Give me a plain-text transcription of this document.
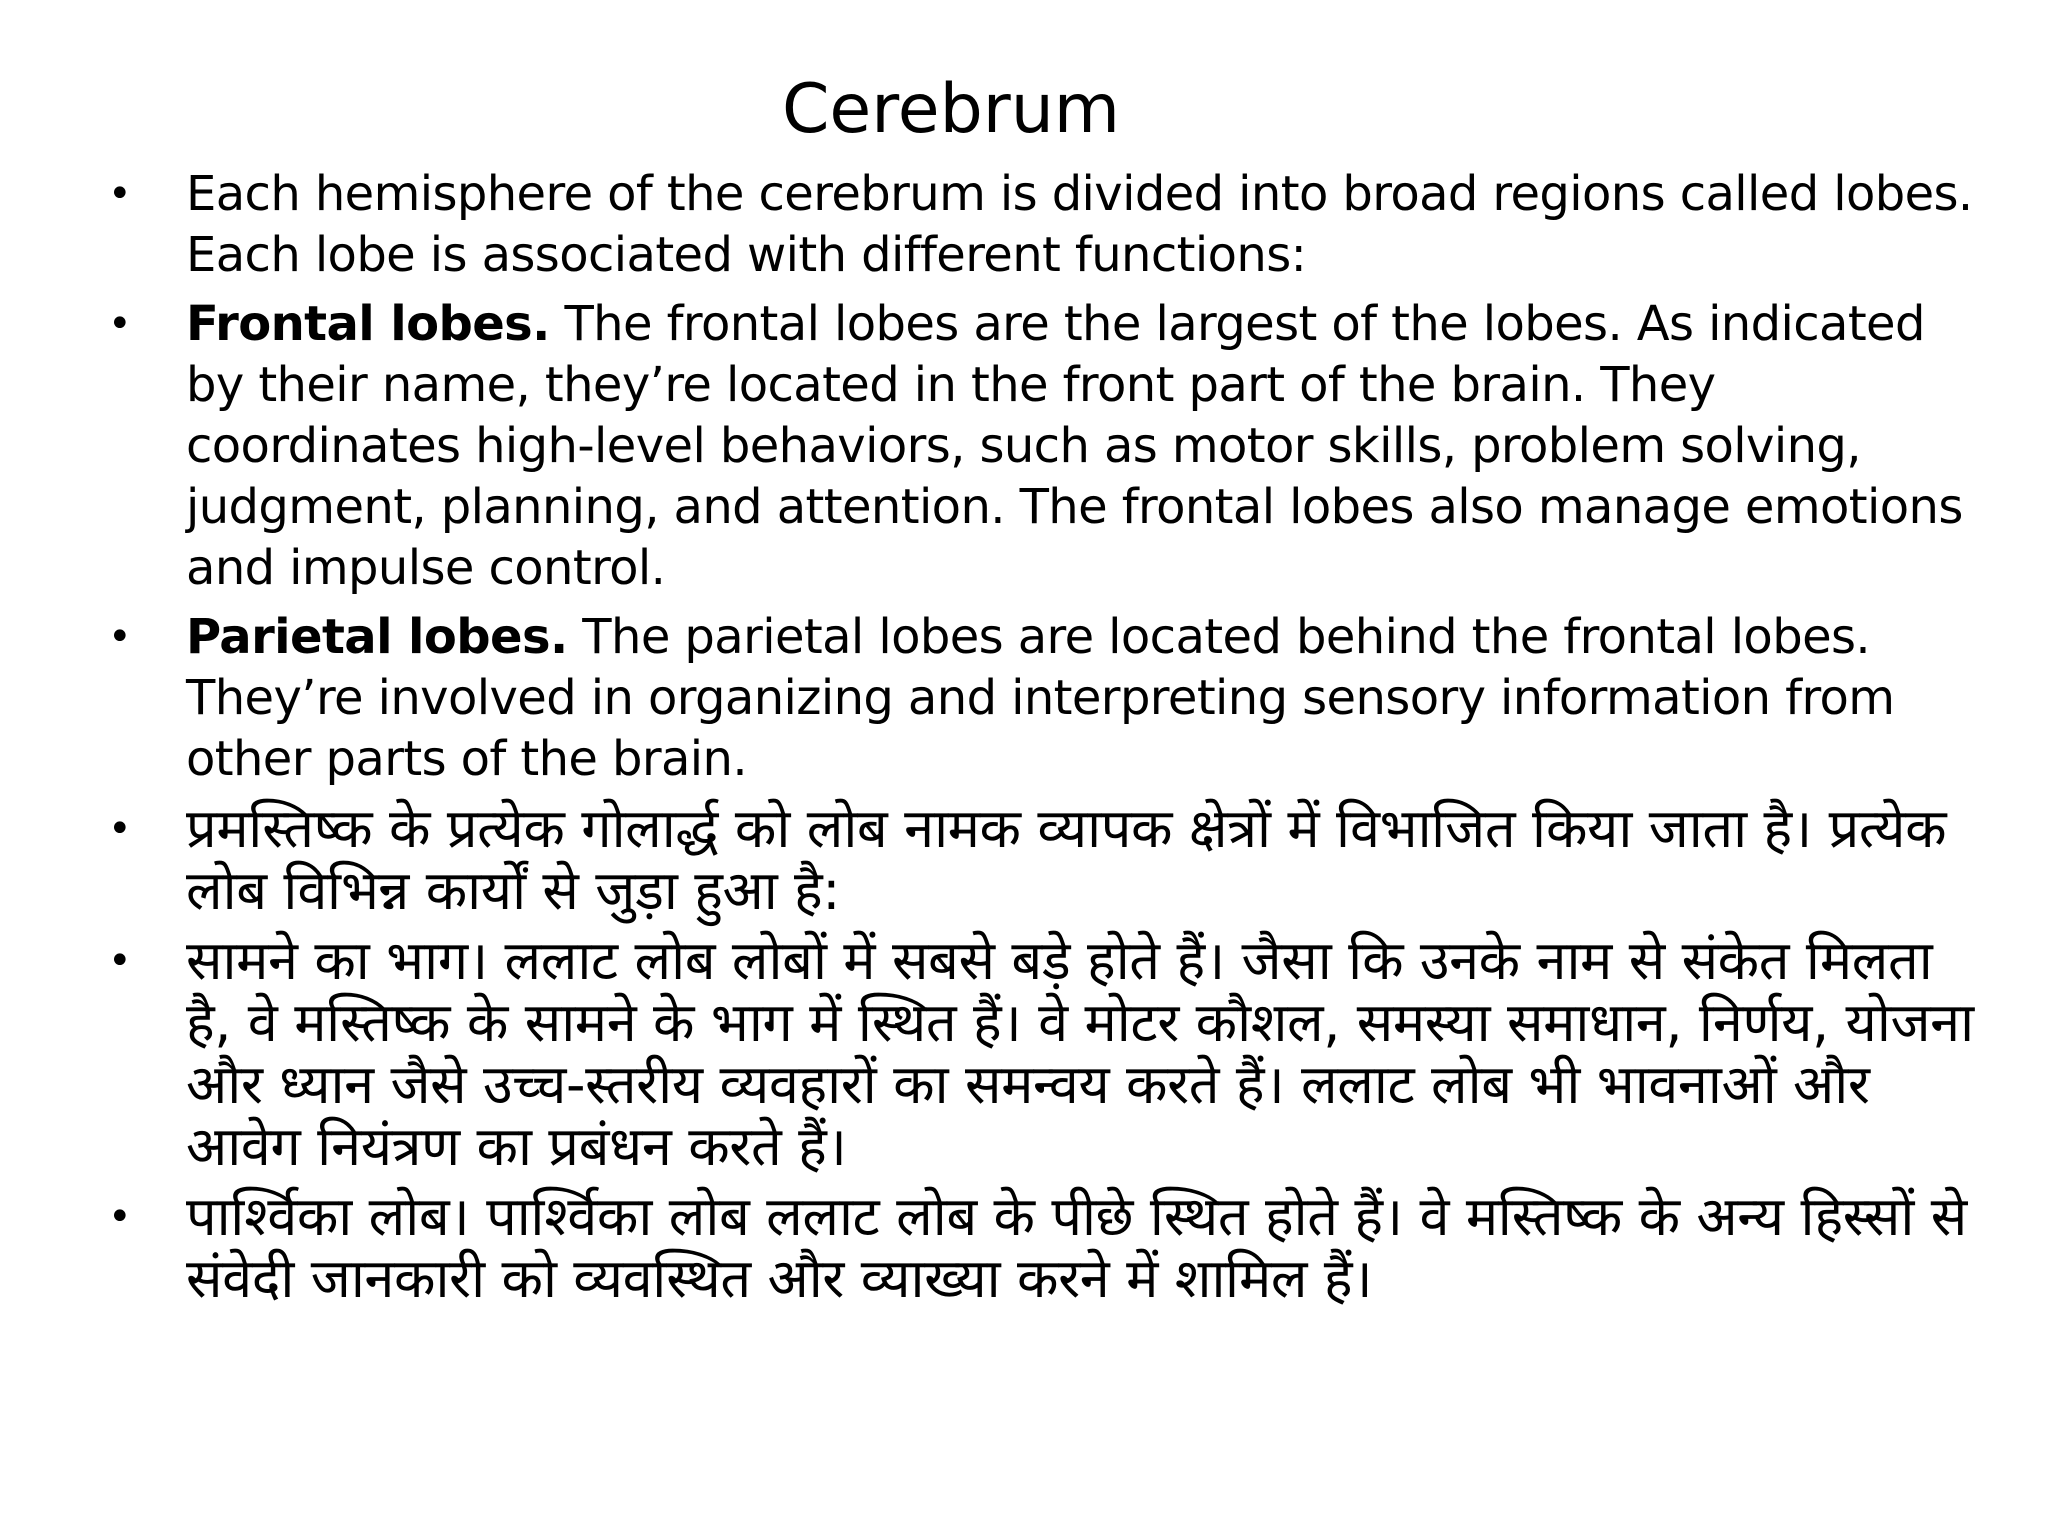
Cerebrum
• Each hemisphere of the cerebrum is divided into broad regions called lobes. Each lobe is associated with different functions:
• Frontal lobes. The frontal lobes are the largest of the lobes. As indicated by their name, they’re located in the front part of the brain. They coordinates high-level behaviors, such as motor skills, problem solving, judgment, planning, and attention. The frontal lobes also manage emotions and impulse control.
• Parietal lobes. The parietal lobes are located behind the frontal lobes. They’re involved in organizing and interpreting sensory information from other parts of the brain.
• प्रमस्तिष्क के प्रत्येक गोलार्द्ध को लोब नामक व्यापक क्षेत्रों में विभाजित किया जाता है। प्रत्येक लोब विभिन्न कार्यों से जुड़ा हुआ है:
• सामने का भाग। ललाट लोब लोबों में सबसे बड़े होते हैं। जैसा कि उनके नाम से संकेत मिलता है, वे मस्तिष्क के सामने के भाग में स्थित हैं। वे मोटर कौशल, समस्या समाधान, निर्णय, योजना और ध्यान जैसे उच्च-स्तरीय व्यवहारों का समन्वय करते हैं। ललाट लोब भी भावनाओं और आवेग नियंत्रण का प्रबंधन करते हैं।
• पार्श्विका लोब। पार्श्विका लोब ललाट लोब के पीछे स्थित होते हैं। वे मस्तिष्क के अन्य हिस्सों से संवेदी जानकारी को व्यवस्थित और व्याख्या करने में शामिल हैं।
